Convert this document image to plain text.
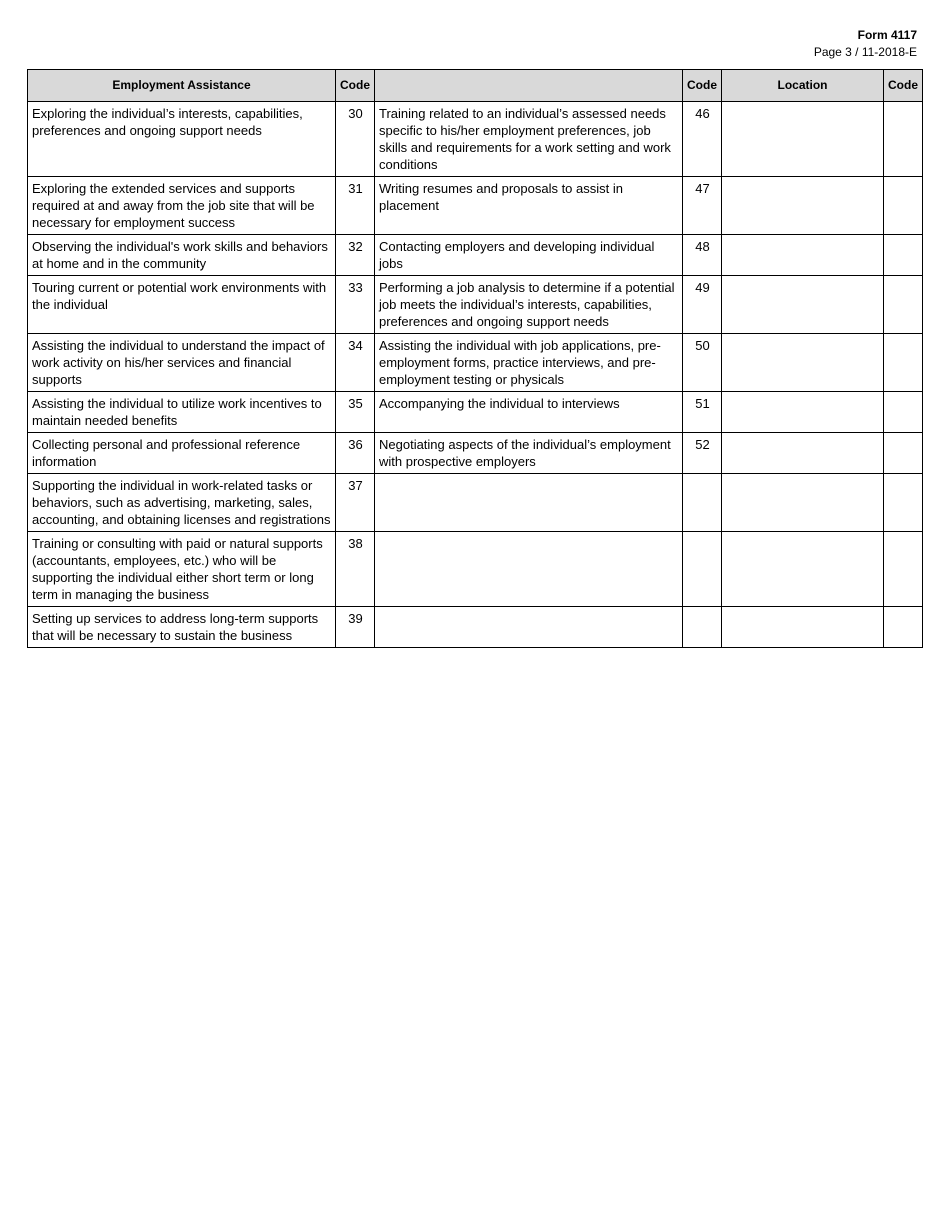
Form 4117
Page 3 / 11-2018-E
Employment Assistance	Code		Code	Location	Code
Exploring the individual’s interests, capabilities, preferences and ongoing support needs	30	Training related to an individual’s assessed needs specific to his/her employment preferences, job skills and requirements for a work setting and work conditions	46		
Exploring the extended services and supports required at and away from the job site that will be necessary for employment success	31	Writing resumes and proposals to assist in placement	47		
Observing the individual's work skills and behaviors at home and in the community	32	Contacting employers and developing individual jobs	48		
Touring current or potential work environments with the individual	33	Performing a job analysis to determine if a potential job meets the individual’s interests, capabilities, preferences and ongoing support needs	49		
Assisting the individual to understand the impact of work activity on his/her services and financial supports	34	Assisting the individual with job applications, pre-employment forms, practice interviews, and pre-employment testing or physicals	50		
Assisting the individual to utilize work incentives to maintain needed benefits	35	Accompanying the individual to interviews	51		
Collecting personal and professional reference information	36	Negotiating aspects of the individual’s employment with prospective employers	52		
Supporting the individual in work-related tasks or behaviors, such as advertising, marketing, sales, accounting, and obtaining licenses and registrations	37				
Training or consulting with paid or natural supports (accountants, employees, etc.) who will be supporting the individual either short term or long term in managing the business	38				
Setting up services to address long-term supports that will be necessary to sustain the business	39				
